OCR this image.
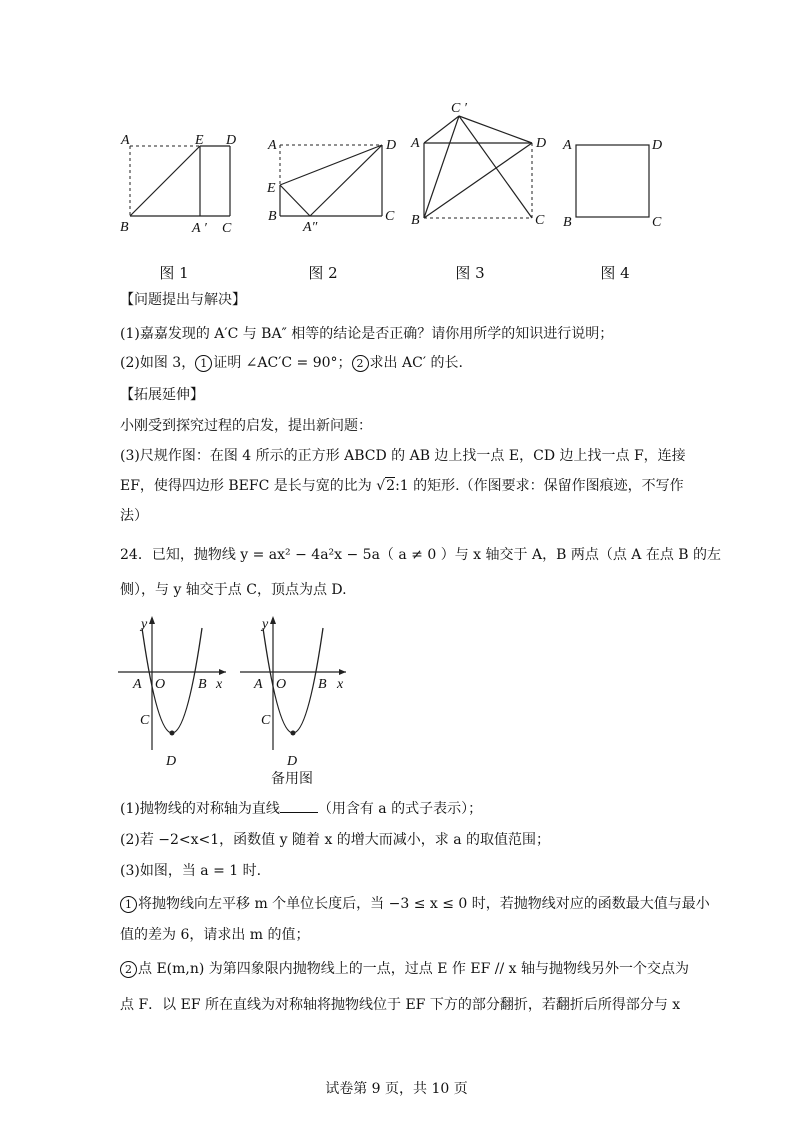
A	E D
B	A ′ C
A	D
E
B
A″
C
C ′
A	D
B	C
A	D
B	C
图 1	图 2	图 3	图 4
【问题提出与解决】
(1)嘉嘉发现的 A′C 与 BA″ 相等的结论是否正确？请你用所学的知识进行说明；
(2)如图 3， 1 证明 ∠AC′C = 90°； 2 求出 AC′ 的长.
【拓展延伸】
小刚受到探究过程的启发，提出新问题：
(3)尺规作图：在图 4 所示的正方形 ABCD 的 AB 边上找一点 E，CD 边上找一点 F，连接
EF，使得四边形 BEFC 是长与宽的比为 √2:1 的矩形.（作图要求：保留作图痕迹，不写作
法）
24．已知，抛物线 y = ax² − 4a²x − 5a（ a ≠ 0 ）与 x 轴交于 A，B 两点（点 A 在点 B 的左
侧），与 y 轴交于点 C，顶点为点 D.
y
x
A O B
C
D
y
x
A O B
C
D
备用图
(1)抛物线的对称轴为直线	（用含有 a 的式子表示）；
(2)若 −2<x<1，函数值 y 随着 x 的增大而减小，求 a 的取值范围；
(3)如图，当 a = 1 时.
1 将抛物线向左平移 m 个单位长度后，当 −3 ≤ x ≤ 0 时，若抛物线对应的函数最大值与最小
值的差为 6，请求出 m 的值；
2 点 E(m,n) 为第四象限内抛物线上的一点，过点 E 作 EF // x 轴与抛物线另外一个交点为
点 F．以 EF 所在直线为对称轴将抛物线位于 EF 下方的部分翻折，若翻折后所得部分与 x
试卷第 9 页，共 10 页
